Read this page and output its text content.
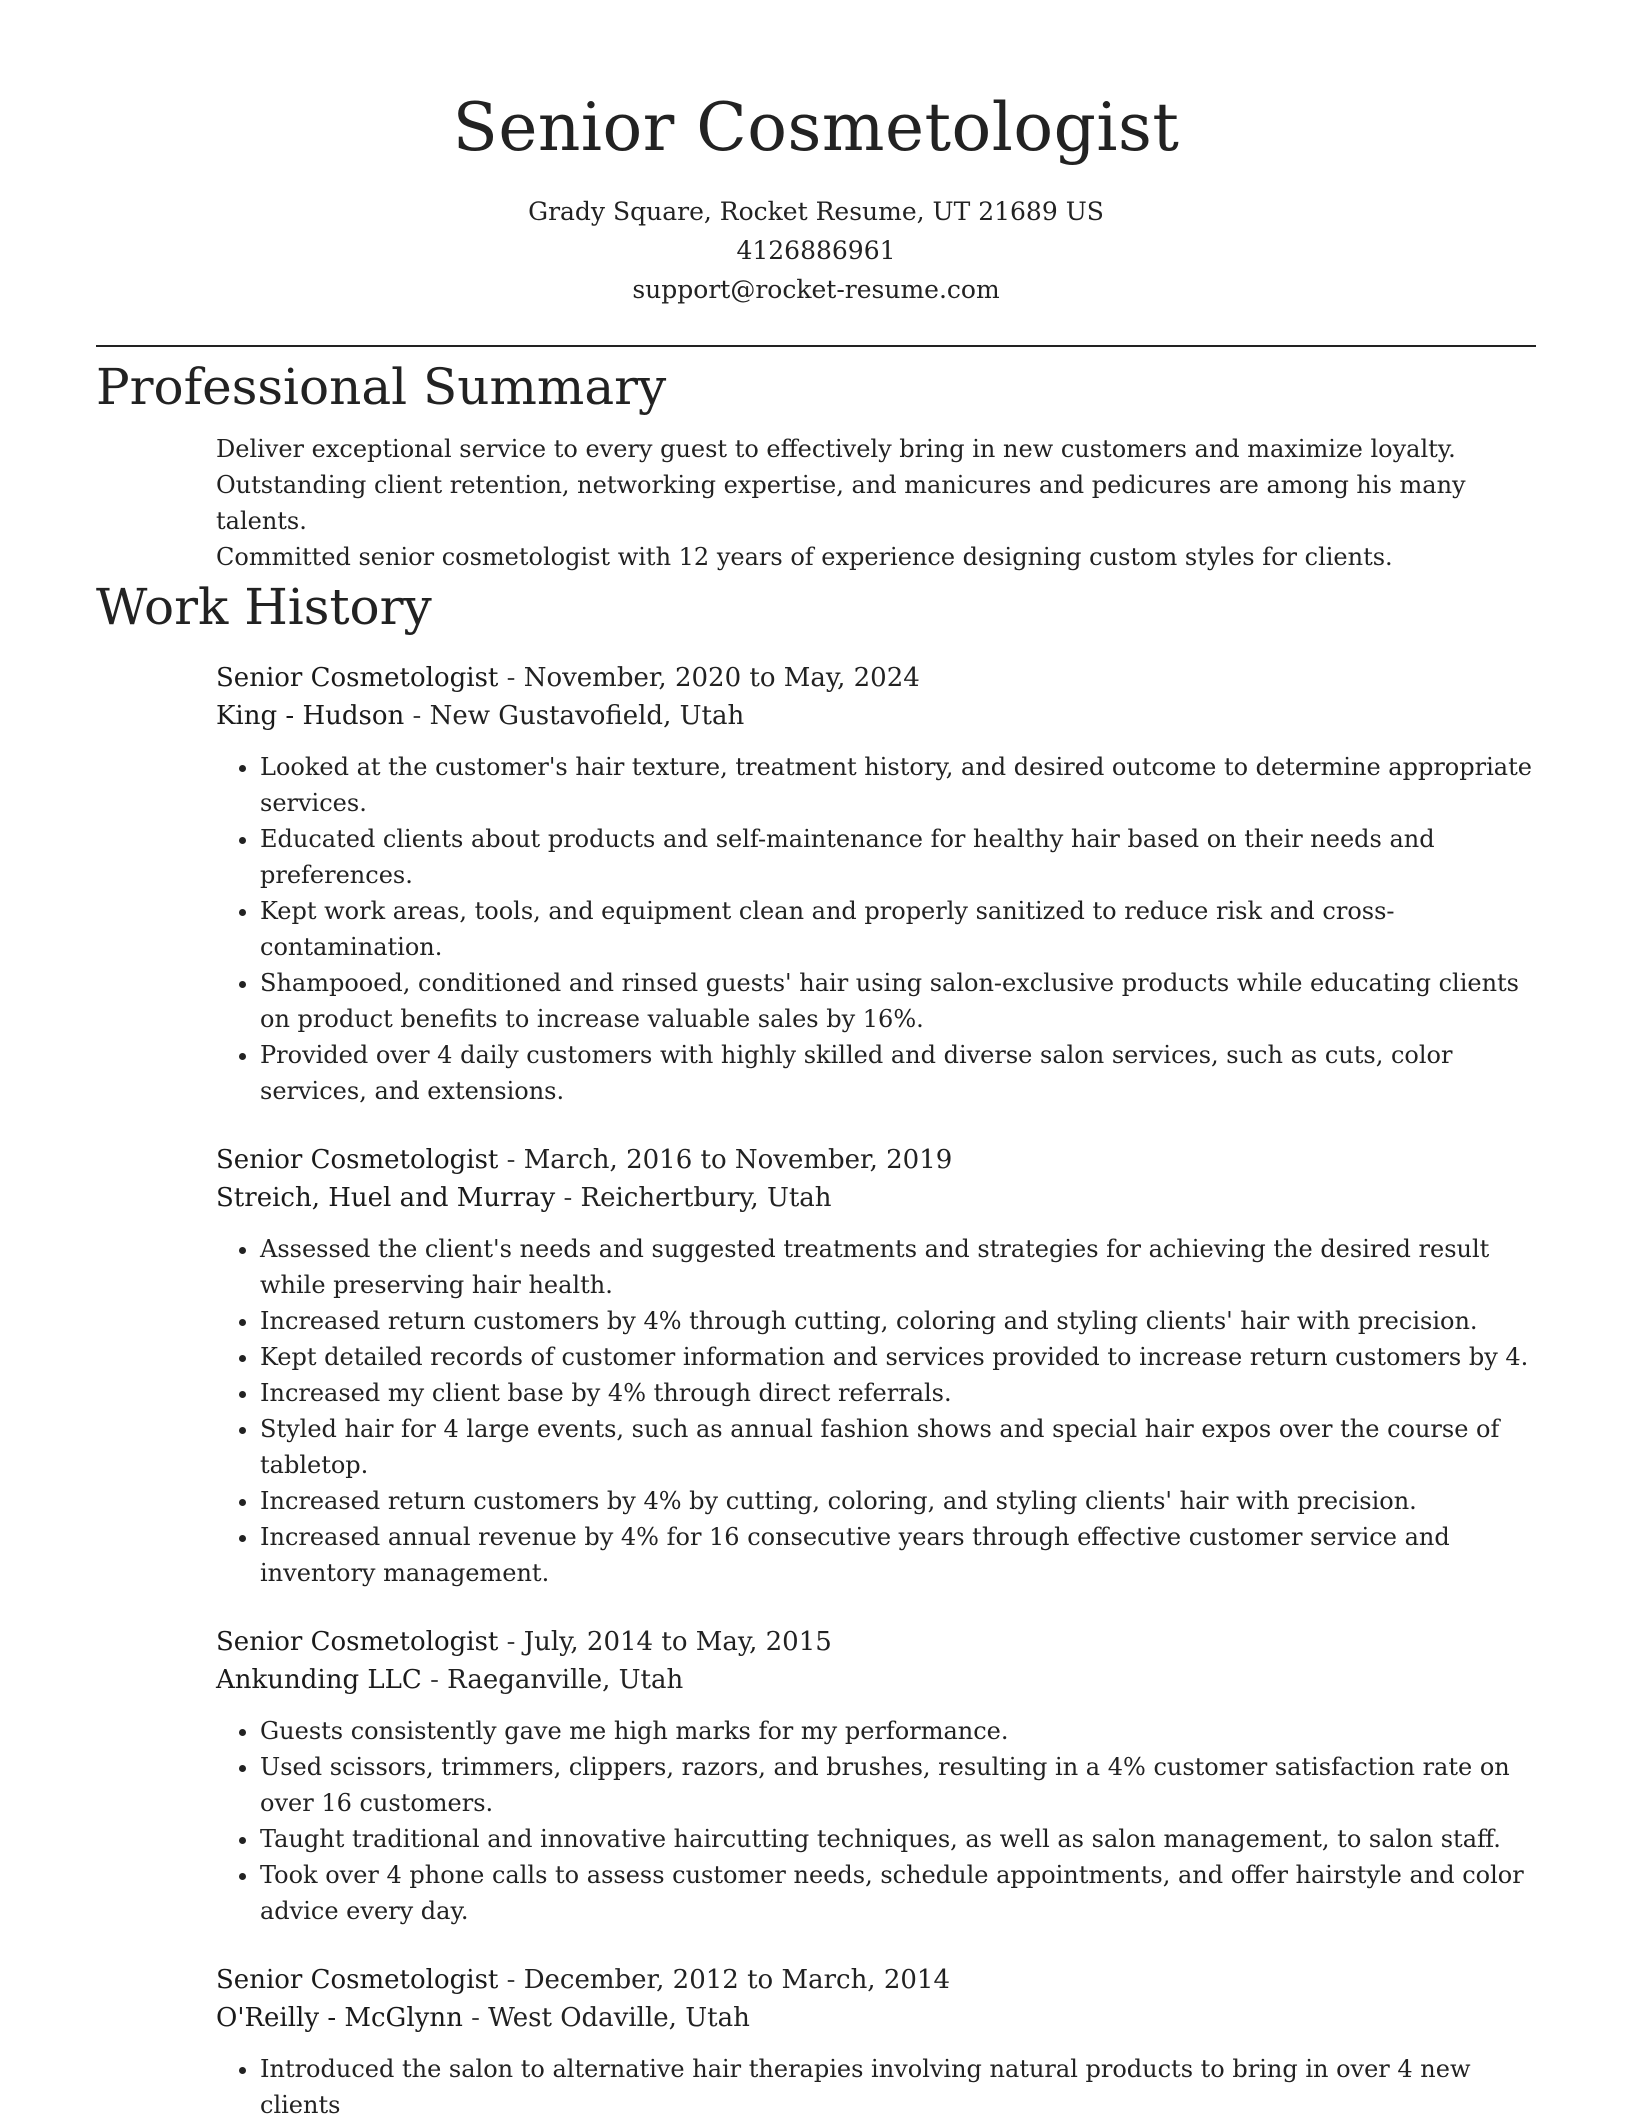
Senior Cosmetologist
Grady Square, Rocket Resume, UT 21689 US
4126886961
support@rocket-resume.com
Professional Summary

Deliver exceptional service to every guest to effectively bring in new customers and maximize loyalty.

Outstanding client retention, networking expertise, and manicures and pedicures are among his many talents.

Committed senior cosmetologist with 12 years of experience designing custom styles for clients.

Work History
Senior Cosmetologist - November, 2020 to May, 2024
King - Hudson - New Gustavofield, Utah
• Looked at the customer's hair texture, treatment history, and desired outcome to determine appropriate services.
• Educated clients about products and self-maintenance for healthy hair based on their needs and preferences.
• Kept work areas, tools, and equipment clean and properly sanitized to reduce risk and cross-contamination.
• Shampooed, conditioned and rinsed guests' hair using salon-exclusive products while educating clients on product benefits to increase valuable sales by 16%.
• Provided over 4 daily customers with highly skilled and diverse salon services, such as cuts, color services, and extensions.
Senior Cosmetologist - March, 2016 to November, 2019
Streich, Huel and Murray - Reichertbury, Utah
• Assessed the client's needs and suggested treatments and strategies for achieving the desired result while preserving hair health.
• Increased return customers by 4% through cutting, coloring and styling clients' hair with precision.
• Kept detailed records of customer information and services provided to increase return customers by 4.
• Increased my client base by 4% through direct referrals.
• Styled hair for 4 large events, such as annual fashion shows and special hair expos over the course of tabletop.
• Increased return customers by 4% by cutting, coloring, and styling clients' hair with precision.
• Increased annual revenue by 4% for 16 consecutive years through effective customer service and inventory management.
Senior Cosmetologist - July, 2014 to May, 2015
Ankunding LLC - Raeganville, Utah
• Guests consistently gave me high marks for my performance.
• Used scissors, trimmers, clippers, razors, and brushes, resulting in a 4% customer satisfaction rate on over 16 customers.
• Taught traditional and innovative haircutting techniques, as well as salon management, to salon staff.
• Took over 4 phone calls to assess customer needs, schedule appointments, and offer hairstyle and color advice every day.
Senior Cosmetologist - December, 2012 to March, 2014
O'Reilly - McGlynn - West Odaville, Utah
• Introduced the salon to alternative hair therapies involving natural products to bring in over 4 new clients
